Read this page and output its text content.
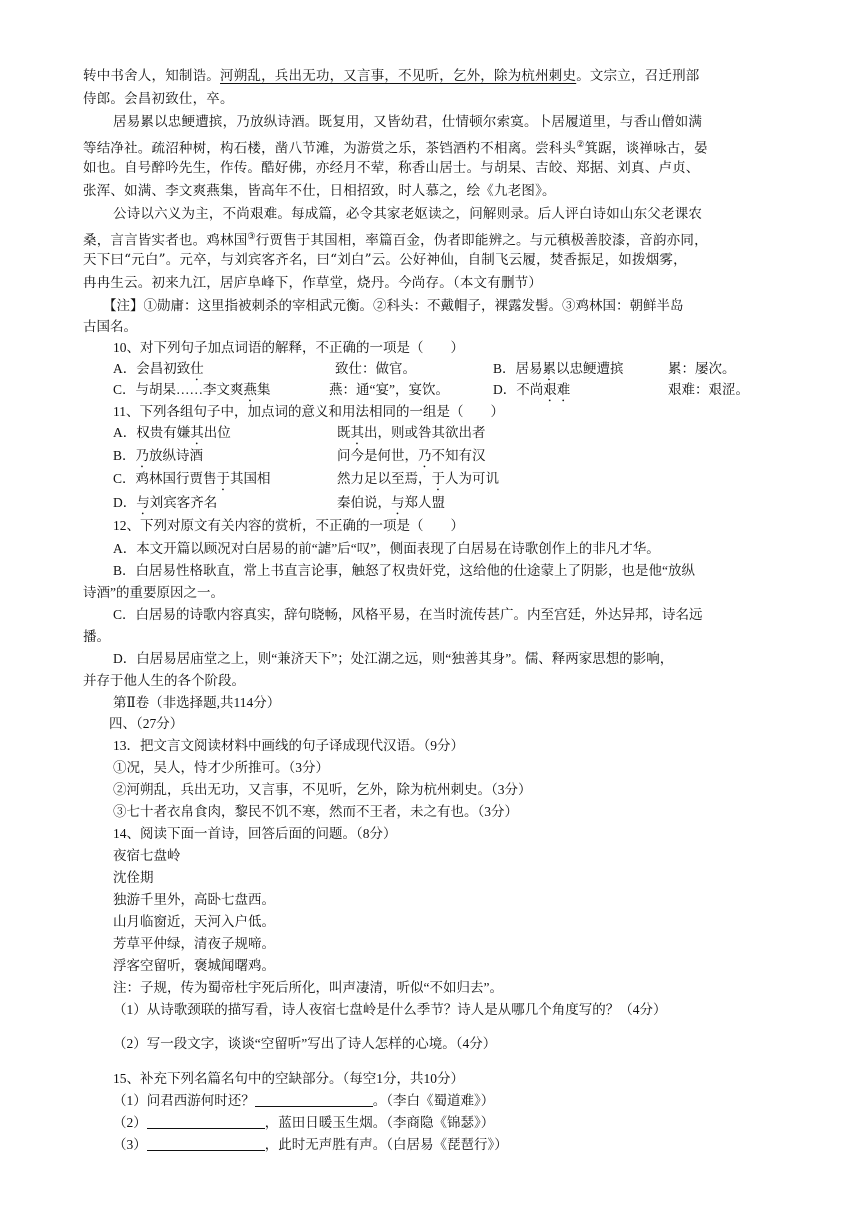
转中书舍人，知制诰。河朔乱，兵出无功，又言事，不见听，乞外，除为杭州刺史。文宗立，召迁刑部
侍郎。会昌初致仕，卒。
居易累以忠鲠遭摈，乃放纵诗酒。既复用，又皆幼君，仕情顿尔索寞。卜居履道里，与香山僧如满
等结净社。疏沼种树，构石楼，凿八节滩，为游赏之乐，茶铛酒杓不相离。尝科头②箕踞，谈禅咏古，晏
如也。自号醉吟先生，作传。酷好佛，亦经月不荤，称香山居士。与胡杲、吉皎、郑据、刘真、卢贞、
张浑、如满、李文爽燕集，皆高年不仕，日相招致，时人慕之，绘《九老图》。
公诗以六义为主，不尚艰难。每成篇，必令其家老妪读之，问解则录。后人评白诗如山东父老课农
桑，言言皆实者也。鸡林国③行贾售于其国相，率篇百金，伪者即能辨之。与元稹极善胶漆，音韵亦同，
天下曰“元白”。元卒，与刘宾客齐名，曰“刘白”云。公好神仙，自制飞云履，焚香振足，如拨烟雾，
冉冉生云。初来九江，居庐阜峰下，作草堂，烧丹。今尚存。（本文有删节）
【注】①勋庸：这里指被刺杀的宰相武元衡。②科头：不戴帽子，裸露发髻。③鸡林国：朝鲜半岛
古国名。
10、对下列句子加点词语的解释，不正确的一项是（　　）
A．会昌初致仕	致仕：做官。	B．居易累以忠鲠遭摈	累：屡次。
C．与胡杲……李文爽燕集	燕：通“宴”，宴饮。	D．不尚艰难	艰难：艰涩。
11、下列各组句子中，加点词的意义和用法相同的一组是（　　）
A．权贵有嫌其出位	既其出，则或咎其欲出者
B．乃放纵诗酒	问今是何世，乃不知有汉
C．鸡林国行贾售于其国相	然力足以至焉，于人为可讥
D．与刘宾客齐名	秦伯说，与郑人盟
12、下列对原文有关内容的赏析，不正确的一项是（　　）
A．本文开篇以顾况对白居易的前“謔”后“叹”，侧面表现了白居易在诗歌创作上的非凡才华。
B．白居易性格耿直，常上书直言论事，触怒了权贵奸党，这给他的仕途蒙上了阴影，也是他“放纵
诗酒”的重要原因之一。
C．白居易的诗歌内容真实，辞句晓畅，风格平易，在当时流传甚广。内至宫廷，外达异邦，诗名远
播。
D．白居易居庙堂之上，则“兼济天下”；处江湖之远，则“独善其身”。儒、释两家思想的影响，
并存于他人生的各个阶段。
第Ⅱ卷（非选择题,共114分）
四、（27分）
13．把文言文阅读材料中画线的句子译成现代汉语。（9分）
①况，吴人，恃才少所推可。（3分）
②河朔乱，兵出无功，又言事，不见听，乞外，除为杭州刺史。（3分）
③七十者衣帛食肉，黎民不饥不寒，然而不王者，未之有也。（3分）
14、阅读下面一首诗，回答后面的问题。（8分）
夜宿七盘岭
沈佺期
独游千里外，高卧七盘西。
山月临窗近，天河入户低。
芳草平仲绿，清夜子规啼。
浮客空留听，褒城闻曙鸡。
注：子规，传为蜀帝杜宇死后所化，叫声凄清，听似“不如归去”。
（1）从诗歌颈联的描写看，诗人夜宿七盘岭是什么季节？诗人是从哪几个角度写的？（4分）
（2）写一段文字，谈谈“空留听”写出了诗人怎样的心境。（4分）
15、补充下列名篇名句中的空缺部分。（每空1分，共10分）
（1）问君西游何时还？	。（李白《蜀道难》）
（2）	，蓝田日暖玉生烟。（李商隐《锦瑟》）
（3）	，此时无声胜有声。（白居易《琵琶行》）
